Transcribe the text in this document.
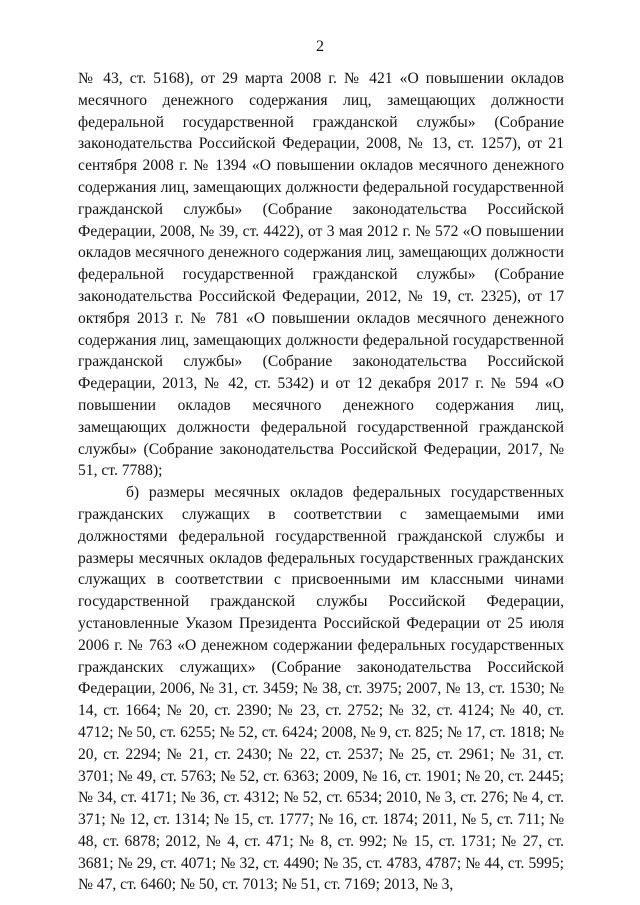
2

№ 43, ст. 5168), от 29 марта 2008 г. № 421 «О повышении окладов месячного денежного содержания лиц, замещающих должности федеральной государственной гражданской службы» (Собрание законодательства Российской Федерации, 2008, № 13, ст. 1257), от 21 сентября 2008 г. № 1394 «О повышении окладов месячного денежного содержания лиц, замещающих должности федеральной государственной гражданской службы» (Собрание законодательства Российской Федерации, 2008, № 39, ст. 4422), от 3 мая 2012 г. № 572 «О повышении окладов месячного денежного содержания лиц, замещающих должности федеральной государственной гражданской службы» (Собрание законодательства Российской Федерации, 2012, № 19, ст. 2325), от 17 октября 2013 г. № 781 «О повышении окладов месячного денежного содержания лиц, замещающих должности федеральной государственной гражданской службы» (Собрание законодательства Российской Федерации, 2013, № 42, ст. 5342) и от 12 декабря 2017 г. № 594 «О повышении окладов месячного денежного содержания лиц, замещающих должности федеральной государственной гражданской службы» (Собрание законодательства Российской Федерации, 2017, № 51, ст. 7788);

б) размеры месячных окладов федеральных государственных гражданских служащих в соответствии с замещаемыми ими должностями федеральной государственной гражданской службы и размеры месячных окладов федеральных государственных гражданских служащих в соответствии с присвоенными им классными чинами государственной гражданской службы Российской Федерации, установленные Указом Президента Российской Федерации от 25 июля 2006 г. № 763 «О денежном содержании федеральных государственных гражданских служащих» (Собрание законодательства Российской Федерации, 2006, № 31, ст. 3459; № 38, ст. 3975; 2007, № 13, ст. 1530; № 14, ст. 1664; № 20, ст. 2390; № 23, ст. 2752; № 32, ст. 4124; № 40, ст. 4712; № 50, ст. 6255; № 52, ст. 6424; 2008, № 9, ст. 825; № 17, ст. 1818; № 20, ст. 2294; № 21, ст. 2430; № 22, ст. 2537; № 25, ст. 2961; № 31, ст. 3701; № 49, ст. 5763; № 52, ст. 6363; 2009, № 16, ст. 1901; № 20, ст. 2445; № 34, ст. 4171; № 36, ст. 4312; № 52, ст. 6534; 2010, № 3, ст. 276; № 4, ст. 371; № 12, ст. 1314; № 15, ст. 1777; № 16, ст. 1874; 2011, № 5, ст. 711; № 48, ст. 6878; 2012, № 4, ст. 471; № 8, ст. 992; № 15, ст. 1731; № 27, ст. 3681; № 29, ст. 4071; № 32, ст. 4490; № 35, ст. 4783, 4787; № 44, ст. 5995; № 47, ст. 6460; № 50, ст. 7013; № 51, ст. 7169; 2013, № 3,
